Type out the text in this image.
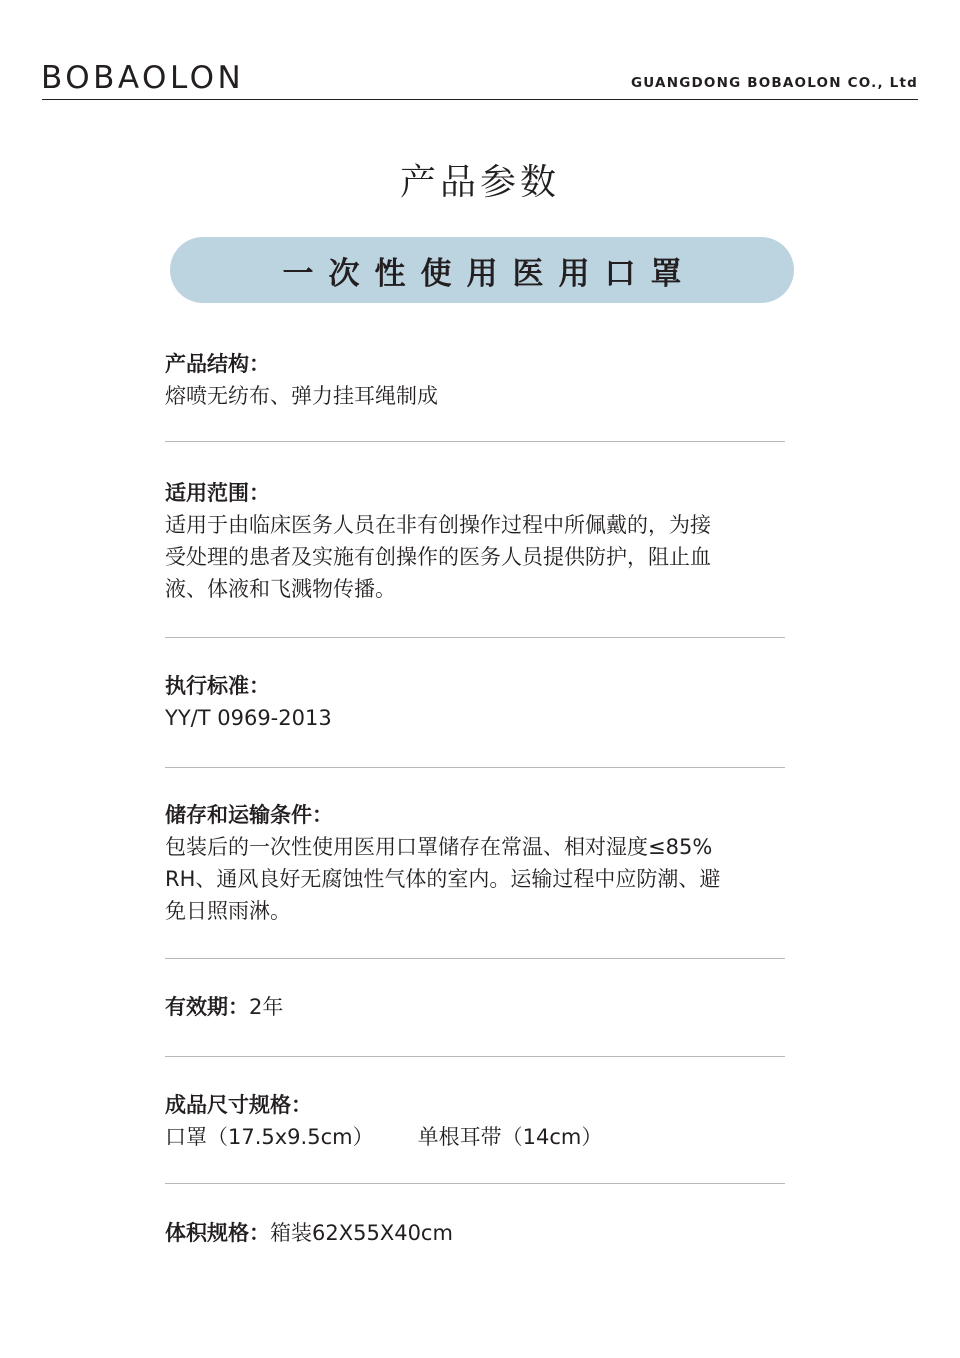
BOBAOLON	GUANGDONG BOBAOLON CO., Ltd
产品参数
一次性使用医用口罩
产品结构：
熔喷无纺布、弹力挂耳绳制成
适用范围：
适用于由临床医务人员在非有创操作过程中所佩戴的，为接
受处理的患者及实施有创操作的医务人员提供防护，阻止血
液、体液和飞溅物传播。
执行标准：
YY/T 0969-2013
储存和运输条件：
包装后的一次性使用医用口罩储存在常温、相对湿度≤85%
RH、通风良好无腐蚀性气体的室内。运输过程中应防潮、避
免日照雨淋。
有效期：2年
成品尺寸规格：
口罩（17.5x9.5cm） 单根耳带（14cm）
体积规格：箱装62X55X40cm
